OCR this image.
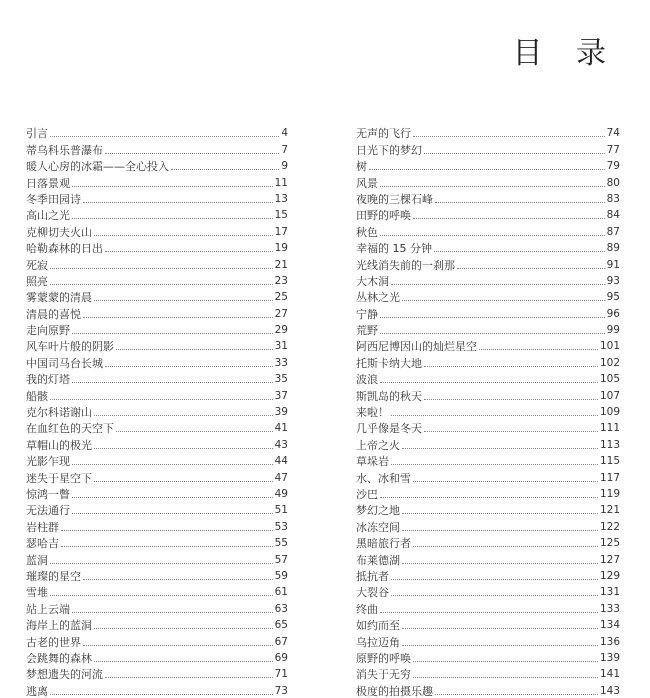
目 录
引言	4
蒂乌科乐普瀑布	7
暖人心房的冰霜——全心投入	9
日落景观	11
冬季田园诗	13
高山之光	15
克柳切夫火山	17
哈勒森林的日出	19
死寂	21
照亮	23
雾蒙蒙的清晨	25
清晨的喜悦	27
走向原野	29
风车叶片般的阴影	31
中国司马台长城	33
我的灯塔	35
船骸	37
克尔科诺谢山	39
在血红色的天空下	41
草帽山的极光	43
光影乍现	44
迷失于星空下	47
惊鸿一瞥	49
无法通行	51
岩柱群	53
瑟哈吉	55
蓝洞	57
璀璨的星空	59
雪堆	61
站上云端	63
海岸上的蓝洞	65
古老的世界	67
会跳舞的森林	69
梦想遗失的河流	71
逃离	73
无声的飞行	74
日光下的梦幻	77
树	79
风景	80
夜晚的三棵石峰	83
田野的呼唤	84
秋色	87
幸福的 15 分钟	89
光线消失前的一刹那	91
大木洞	93
丛林之光	95
宁静	96
荒野	99
阿西尼博因山的灿烂星空	101
托斯卡纳大地	102
波浪	105
斯凯岛的秋天	107
来啦！	109
几乎像是冬天	111
上帝之火	113
草垛岩	115
水、冰和雪	117
沙巴	119
梦幻之地	121
冰冻空间	122
黑暗旅行者	125
布莱德湖	127
抵抗者	129
大裂谷	131
终曲	133
如约而至	134
乌拉迈角	136
原野的呼唤	139
消失于无穷	141
极度的拍摄乐趣	143
